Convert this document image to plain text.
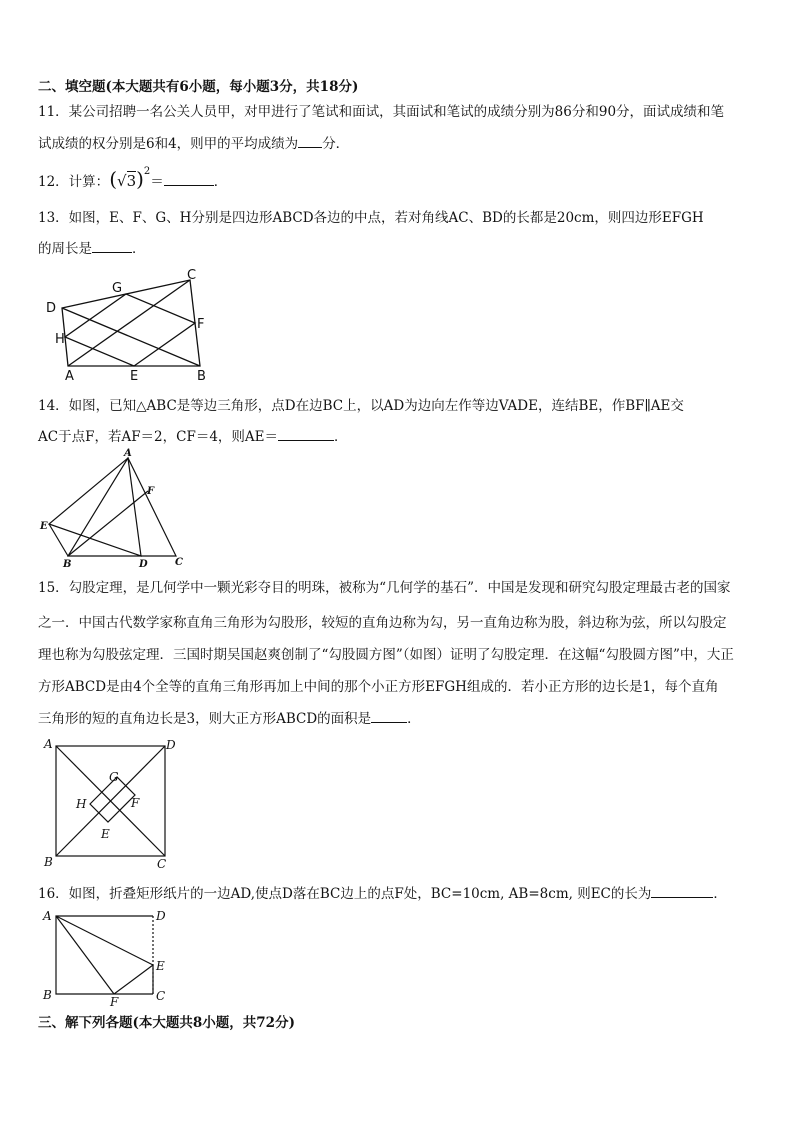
二、填空题(本大题共有6小题，每小题3分，共18分)
11．某公司招聘一名公关人员甲，对甲进行了笔试和面试，其面试和笔试的成绩分别为86分和90分，面试成绩和笔
试成绩的权分别是6和4，则甲的平均成绩为 分．
12．计算：$(√3)^2=$	．
13．如图，E、F、G、H分别是四边形ABCD各边的中点，若对角线AC、BD的长都是20cm，则四边形EFGH
的周长是	．
A	E	B
C
F
G
D
H
14．如图，已知△ABC是等边三角形，点D在边BC上，以AD为边向左作等边VADE，连结BE，作BF∥AE交
AC于点F，若AF＝2，CF＝4，则AE＝	．
A
F
E
B	D	C
15．勾股定理，是几何学中一颗光彩夺目的明珠，被称为“几何学的基石”．中国是发现和研究勾股定理最古老的国家
之一．中国古代数学家称直角三角形为勾股形，较短的直角边称为勾，另一直角边称为股，斜边称为弦，所以勾股定
理也称为勾股弦定理．三国时期吴国赵爽创制了“勾股圆方图”（如图）证明了勾股定理．在这幅“勾股圆方图”中，大正
方形ABCD是由4个全等的直角三角形再加上中间的那个小正方形EFGH组成的．若小正方形的边长是1，每个直角
三角形的短的直角边长是3，则大正方形ABCD的面积是	．
A	D
B	C
G
H	F
E
16．如图，折叠矩形纸片的一边AD,使点D落在BC边上的点F处，BC=10cm, AB=8cm, 则EC的长为	．
A	D
E
B	F	C
三、解下列各题(本大题共8小题，共72分)
